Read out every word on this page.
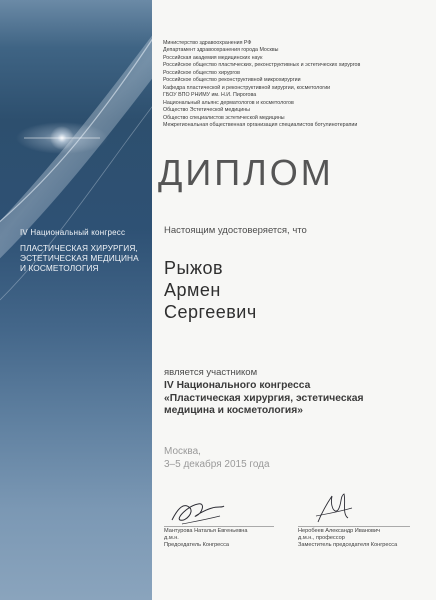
IV Национальный конгресс
ПЛАСТИЧЕСКАЯ ХИРУРГИЯ,
ЭСТЕТИЧЕСКАЯ МЕДИЦИНА
И КОСМЕТОЛОГИЯ
Министерство здравоохранения РФ
Департамент здравоохранения города Москвы
Российская академия медицинских наук
Российское общество пластических, реконструктивных и эстетических хирургов
Российское общество хирургов
Российское общество реконструктивной микрохирургии
Кафедра пластической и реконструктивной хирургии, косметологии
ГБОУ ВПО РНИМУ им. Н.И. Пирогова
Национальный альянс дерматологов и косметологов
Общество Эстетической медицины
Общество специалистов эстетической медицины
Межрегиональная общественная организация специалистов ботулинотерапии
ДИПЛОМ
Настоящим удостоверяется, что
Рыжов
Армен
Сергеевич
является участником
IV Национального конгресса
«Пластическая хирургия, эстетическая
медицина и косметология»
Москва,
3–5 декабря 2015 года
Мантурова Наталья Евгеньевна
д.м.н.
Председатель Конгресса
Неробеев Александр Иванович
д.м.н., профессор
Заместитель председателя Конгресса
